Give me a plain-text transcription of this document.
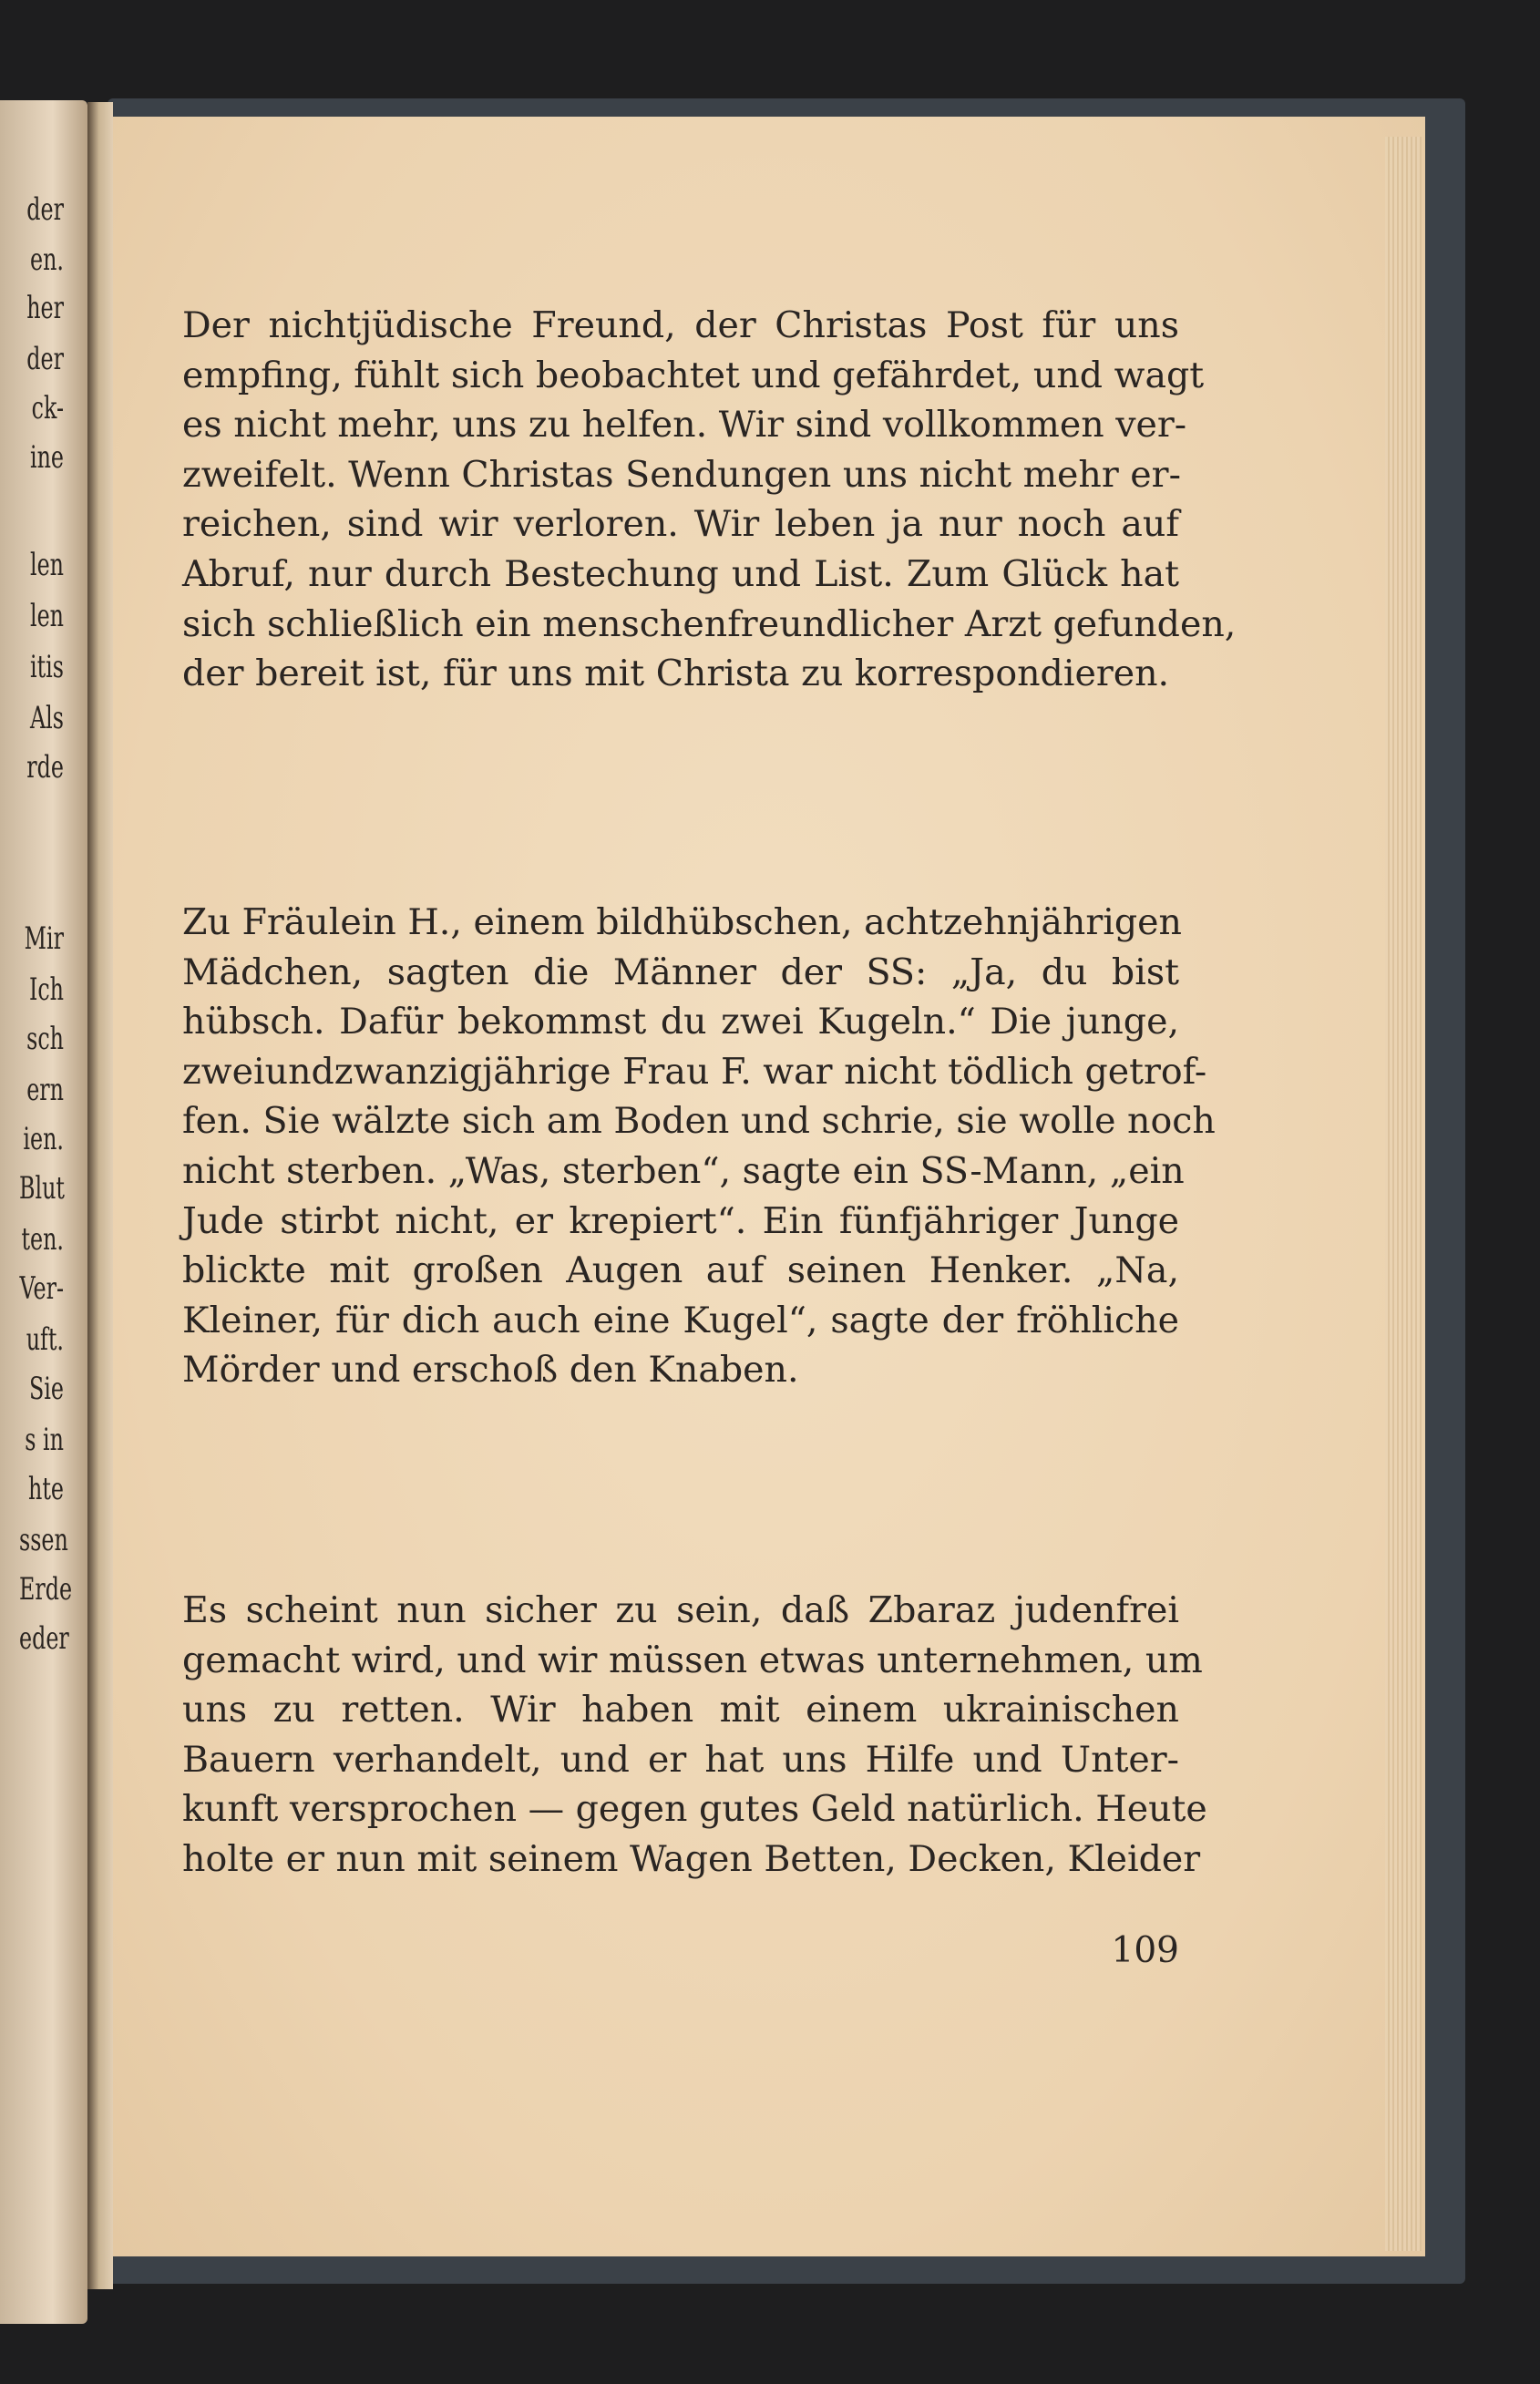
der
en.
her
der
ck-
ine
len
len
itis
Als
rde
Mir
Ich
sch
ern
ien.
Blut
ten.
Ver-
uft.
Sie
s in
hte
ssen
Erde
eder
Der nichtjüdische Freund, der Christas Post für uns
empfing, fühlt sich beobachtet und gefährdet, und wagt
es nicht mehr, uns zu helfen. Wir sind vollkommen ver-
zweifelt. Wenn Christas Sendungen uns nicht mehr er-
reichen, sind wir verloren. Wir leben ja nur noch auf
Abruf, nur durch Bestechung und List. Zum Glück hat
sich schließlich ein menschenfreundlicher Arzt gefunden,
der bereit ist, für uns mit Christa zu korrespondieren.
Zu Fräulein H., einem bildhübschen, achtzehnjährigen
Mädchen, sagten die Männer der SS: „Ja, du bist
hübsch. Dafür bekommst du zwei Kugeln.“ Die junge,
zweiundzwanzigjährige Frau F. war nicht tödlich getrof-
fen. Sie wälzte sich am Boden und schrie, sie wolle noch
nicht sterben. „Was, sterben“, sagte ein SS-Mann, „ein
Jude stirbt nicht, er krepiert“. Ein fünfjähriger Junge
blickte mit großen Augen auf seinen Henker. „Na,
Kleiner, für dich auch eine Kugel“, sagte der fröhliche
Mörder und erschoß den Knaben.
Es scheint nun sicher zu sein, daß Zbaraz judenfrei
gemacht wird, und wir müssen etwas unternehmen, um
uns zu retten. Wir haben mit einem ukrainischen
Bauern verhandelt, und er hat uns Hilfe und Unter-
kunft versprochen — gegen gutes Geld natürlich. Heute
holte er nun mit seinem Wagen Betten, Decken, Kleider
109
